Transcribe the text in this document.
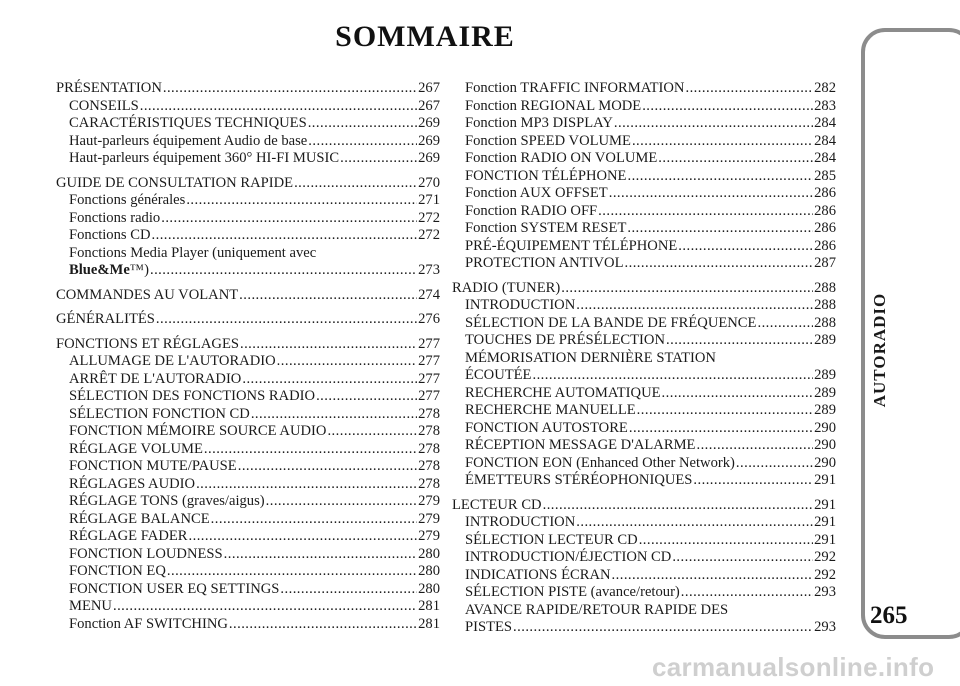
SOMMAIRE
PRÉSENTATION . . .	267
CONSEILS . . .	267
CARACTÉRISTIQUES TECHNIQUES . . .	269
Haut-parleurs équipement Audio de base . . .	269
Haut-parleurs équipement 360° HI-FI MUSIC . . .	269
GUIDE DE CONSULTATION RAPIDE . . .	270
Fonctions générales . . .	271
Fonctions radio . . .	272
Fonctions CD . . .	272
Fonctions Media Player (uniquement avec
Blue&Me™) . . .	273
COMMANDES AU VOLANT . . .	274
GÉNÉRALITÉS . . .	276
FONCTIONS ET RÉGLAGES . . .	277
ALLUMAGE DE L'AUTORADIO . . .	277
ARRÊT DE L'AUTORADIO . . .	277
SÉLECTION DES FONCTIONS RADIO . . .	277
SÉLECTION FONCTION CD . . .	278
FONCTION MÉMOIRE SOURCE AUDIO . . .	278
RÉGLAGE VOLUME . . .	278
FONCTION MUTE/PAUSE . . .	278
RÉGLAGES AUDIO . . .	278
RÉGLAGE TONS (graves/aigus) . . .	279
RÉGLAGE BALANCE . . .	279
RÉGLAGE FADER . . .	279
FONCTION LOUDNESS . . .	280
FONCTION EQ . . .	280
FONCTION USER EQ SETTINGS . . .	280
MENU . . .	281
Fonction AF SWITCHING . . .	281
Fonction TRAFFIC INFORMATION . . .	282
Fonction REGIONAL MODE . . .	283
Fonction MP3 DISPLAY . . .	284
Fonction SPEED VOLUME . . .	284
Fonction RADIO ON VOLUME . . .	284
FONCTION TÉLÉPHONE . . .	285
Fonction AUX OFFSET . . .	286
Fonction RADIO OFF . . .	286
Fonction SYSTEM RESET . . .	286
PRÉ-ÉQUIPEMENT TÉLÉPHONE . . .	286
PROTECTION ANTIVOL . . .	287
RADIO (TUNER) . . .	288
INTRODUCTION . . .	288
SÉLECTION DE LA BANDE DE FRÉQUENCE . . .	288
TOUCHES DE PRÉSÉLECTION . . .	289
MÉMORISATION DERNIÈRE STATION
ÉCOUTÉE . . .	289
RECHERCHE AUTOMATIQUE . . .	289
RECHERCHE MANUELLE . . .	289
FONCTION AUTOSTORE . . .	290
RÉCEPTION MESSAGE D'ALARME . . .	290
FONCTION EON (Enhanced Other Network) . . .	290
ÉMETTEURS STÉRÉOPHONIQUES . . .	291
LECTEUR CD . . .	291
INTRODUCTION . . .	291
SÉLECTION LECTEUR CD . . .	291
INTRODUCTION/ÉJECTION CD . . .	292
INDICATIONS ÉCRAN . . .	292
SÉLECTION PISTE (avance/retour) . . .	293
AVANCE RAPIDE/RETOUR RAPIDE DES
PISTES . . .	293
AUTORADIO
265
carmanualsonline.info
